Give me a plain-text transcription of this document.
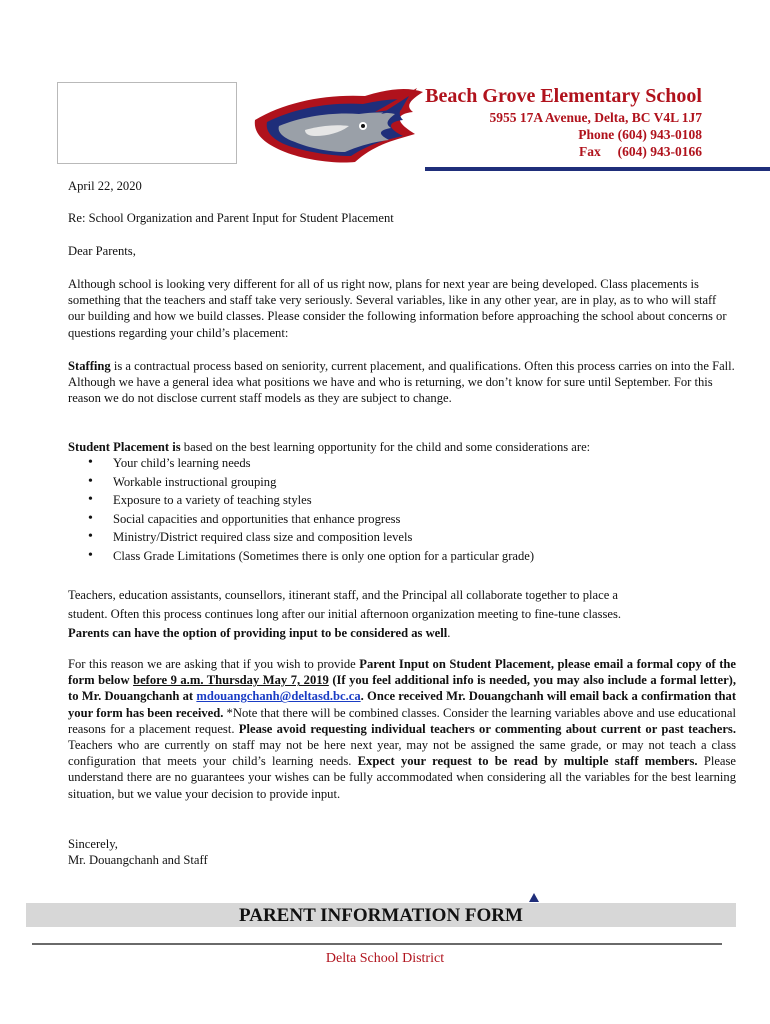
Beach Grove Elementary School
5955 17A Avenue, Delta, BC V4L 1J7
Phone (604) 943-0108
Fax     (604) 943-0166
April 22, 2020
Re: School Organization and Parent Input for Student Placement
Dear Parents,
Although school is looking very different for all of us right now, plans for next year are being developed. Class placements is something that the teachers and staff take very seriously. Several variables, like in any other year, are in play, as to who will staff our building and how we build classes. Please consider the following information before approaching the school about concerns or questions regarding your child’s placement:
Staffing is a contractual process based on seniority, current placement, and qualifications. Often this process carries on into the Fall. Although we have a general idea what positions we have and who is returning, we don’t know for sure until September. For this reason we do not disclose current staff models as they are subject to change.
Student Placement is based on the best learning opportunity for the child and some considerations are:
• Your child’s learning needs
• Workable instructional grouping
• Exposure to a variety of teaching styles
• Social capacities and opportunities that enhance progress
• Ministry/District required class size and composition levels
• Class Grade Limitations (Sometimes there is only one option for a particular grade)
Teachers, education assistants, counsellors, itinerant staff, and the Principal all collaborate together to place a
student. Often this process continues long after our initial afternoon organization meeting to fine-tune classes.
Parents can have the option of providing input to be considered as well.
For this reason we are asking that if you wish to provide Parent Input on Student Placement, please email a formal copy of the form below before 9 a.m. Thursday May 7, 2019 (If you feel additional info is needed, you may also include a formal letter), to Mr. Douangchanh at mdouangchanh@deltasd.bc.ca. Once received Mr. Douangchanh will email back a confirmation that your form has been received. *Note that there will be combined classes. Consider the learning variables above and use educational reasons for a placement request. Please avoid requesting individual teachers or commenting about current or past teachers. Teachers who are currently on staff may not be here next year, may not be assigned the same grade, or may not teach a class configuration that meets your child’s learning needs. Expect your request to be read by multiple staff members. Please understand there are no guarantees your wishes can be fully accommodated when considering all the variables for the best learning situation, but we value your decision to provide input.
Sincerely,
Mr. Douangchanh and Staff
PARENT INFORMATION FORM
Delta School District
